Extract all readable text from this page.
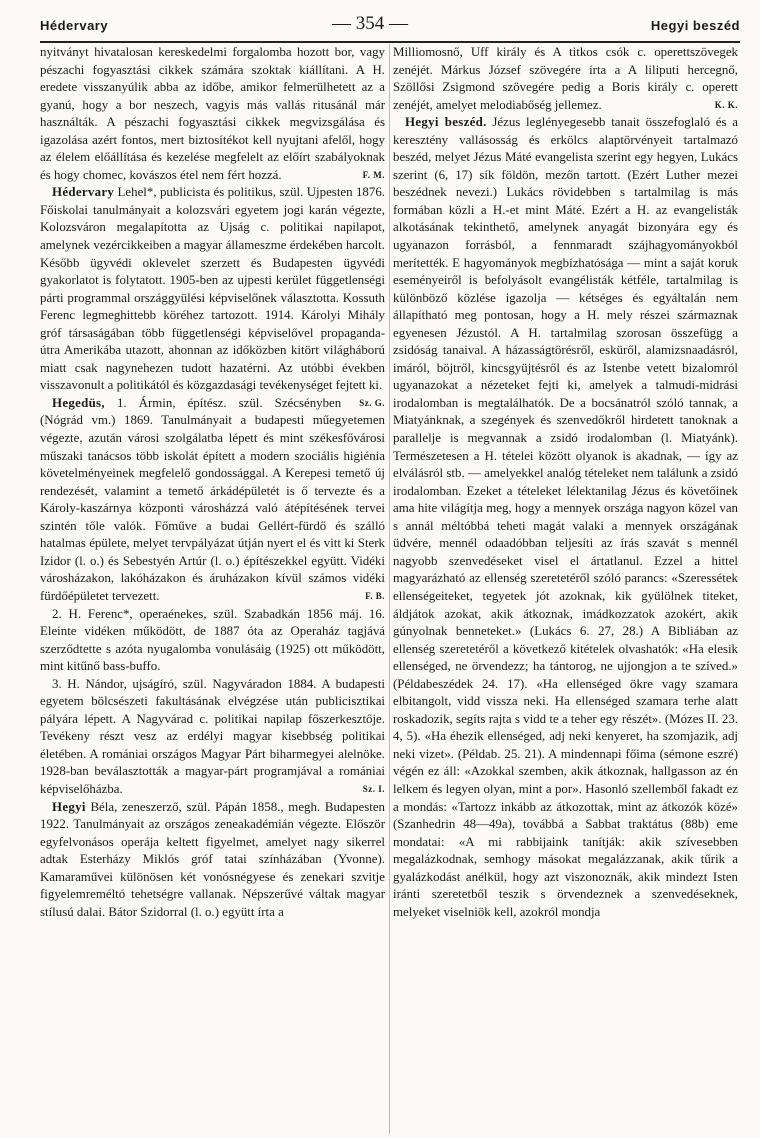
Hédervary	— 354 —	Hegyi beszéd

nyitványt hivatalosan kereskedelmi forgalomba hozott bor, vagy pészachi fogyasztási cikkek számára szoktak kiállítani. A H. eredete visszanyúlik abba az időbe, amikor felmerülhetett az a gyanú, hogy a bor neszech, vagyis más vallás ritusánál már használták. A pészachi fogyasztási cikkek megvizsgálása és igazolása azért fontos, mert biztosítékot kell nyujtani afelől, hogy az élelem előállítása és kezelése megfelelt az előírt szabályoknak és hogy chomec, kovászos étel nem fért hozzá.	F. M.

Hédervary Lehel*, publicista és politikus, szül. Ujpesten 1876. Főiskolai tanulmányait a kolozsvári egyetem jogi karán végezte, Kolozsváron megalapította az Ujság c. politikai napilapot, amelynek vezércikkeiben a magyar állameszme érdekében harcolt. Később ügyvédi oklevelet szerzett és Budapesten ügyvédi gyakorlatot is folytatott. 1905-ben az ujpesti kerület függetlenségi párti programmal országgyülési képviselőnek választotta. Kossuth Ferenc legmeghittebb köréhez tartozott. 1914. Károlyi Mihály gróf társaságában több függetlenségi képviselővel propaganda-útra Amerikába utazott, ahonnan az időközben kitört világháború miatt csak nagynehezen tudott hazatérni. Az utóbbi években visszavonult a politikától és közgazdasági tevékenységet fejtett ki.
Sz. G.

Hegedüs, 1. Ármin, építész. szül. Szécsényben (Nógrád vm.) 1869. Tanulmányait a budapesti műegyetemen végezte, azután városi szolgálatba lépett és mint székesfővárosi műszaki tanácsos több iskolát épített a modern szociális higiénia követelményeinek megfelelő gondossággal. A Kerepesi temető új rendezését, valamint a temető árkádépületét is ő tervezte és a Károly-kaszárnya központi városházzá való átépítésének tervei szintén tőle valók. Főműve a budai Gellért-fürdő és szálló hatalmas épülete, melyet tervpályázat útján nyert el és vitt ki Sterk Izidor (l. o.) és Sebestyén Artúr (l. o.) építészekkel együtt. Vidéki városházakon, lakóházakon és áruházakon kívül számos vidéki fürdőépületet tervezett.	F. B.

2. H. Ferenc*, operaénekes, szül. Szabadkán 1856 máj. 16. Eleinte vidéken működött, de 1887 óta az Operaház tagjává szerződtette s azóta nyugalomba vonulásáig (1925) ott működött, mint kitűnő bass-buffo.

3. H. Nándor, ujságíró, szül. Nagyváradon 1884. A budapesti egyetem bölcsészeti fakultásának elvégzése után publicisztikai pályára lépett. A Nagyvárad c. politikai napilap főszerkesztője. Tevékeny részt vesz az erdélyi magyar kisebbség politikai életében. A romániai országos Magyar Párt biharmegyei alelnöke. 1928-ban beválasztották a magyar-párt programjával a romániai képviselőházba.	Sz. I.

Hegyi Béla, zeneszerző, szül. Pápán 1858., megh. Budapesten 1922. Tanulmányait az országos zeneakadémián végezte. Először egyfelvonásos operája keltett figyelmet, amelyet nagy sikerrel adtak Esterházy Miklós gróf tatai színházában (Yvonne). Kamaraművei különösen két vonósnégyese és zenekari szvitje figyelemreméltó tehetségre vallanak. Népszerűvé váltak magyar stílusú dalai. Bátor Szidorral (l. o.) együtt írta a

Milliomosnő, Uff király és A titkos csók c. operettszövegek zenéjét. Márkus József szövegére írta a A liliputi hercegnő, Szöllősi Zsigmond szövegére pedig a Boris király c. operett zenéjét, amelyet melodiabőség jellemez.	K. K.

Hegyi beszéd. Jézus leglényegesebb tanait összefoglaló és a keresztény vallásosság és erkölcs alaptörvényeit tartalmazó beszéd, melyet Jézus Máté evangelista szerint egy hegyen, Lukács szerint (6, 17) sík földön, mezőn tartott. (Ezért Luther mezei beszédnek nevezi.) Lukács rövidebben s tartalmilag is más formában közli a H.-et mint Máté. Ezért a H. az evangelisták alkotásának tekinthető, amelynek anyagát bizonyára egy és ugyanazon forrásból, a fennmaradt szájhagyományokból merítették. E hagyományok megbízhatósága — mint a saját koruk eseményeiről is befolyásolt evangélisták kétféle, tartalmilag is különböző közlése igazolja — kétséges és egyáltalán nem állapítható meg pontosan, hogy a H. mely részei származnak egyenesen Jézustól. A H. tartalmilag szorosan összefügg a zsidóság tanaival. A házasságtörésről, esküről, alamizsnaadásról, imáról, böjtről, kincsgyüjtésről és az Istenbe vetett bizalomról ugyanazokat a nézeteket fejti ki, amelyek a talmudi-midrási irodalomban is megtalálhatók. De a bocsánatról szóló tannak, a Miatyánknak, a szegények és szenvedőkről hirdetett tanoknak a parallelje is megvannak a zsidó irodalomban (l. Miatyánk). Természetesen a H. tételei között olyanok is akadnak, — így az elválásról stb. — amelyekkel analóg tételeket nem találunk a zsidó irodalomban. Ezeket a tételeket lélektanilag Jézus és követőinek ama hite világítja meg, hogy a mennyek országa nagyon közel van s annál méltóbbá teheti magát valaki a mennyek országának üdvére, mennél odaadóbban teljesíti az írás szavát s mennél nagyobb szenvedéseket visel el ártatlanul. Ezzel a hittel magyarázható az ellenség szeretetéről szóló parancs: «Szeressétek ellenségeiteket, tegyetek jót azoknak, kik gyülölnek titeket, áldjátok azokat, akik átkoznak, imádkozzatok azokért, akik gúnyolnak benneteket.» (Lukács 6. 27, 28.) A Bibliában az ellenség szeretetéről a következő kitételek olvashatók: «Ha elesik ellenséged, ne örvendezz; ha tántorog, ne ujjongjon a te szíved.» (Példabeszédek 24. 17). «Ha ellenséged ökre vagy szamara elbitangolt, vidd vissza neki. Ha ellenséged szamara terhe alatt roskadozik, segíts rajta s vidd te a teher egy részét». (Mózes II. 23. 4, 5). «Ha éhezik ellenséged, adj neki kenyeret, ha szomjazik, adj neki vizet». (Példab. 25. 21). A mindennapi főima (sémone eszré) végén ez áll: «Azokkal szemben, akik átkoznak, hallgasson az én lelkem és legyen olyan, mint a por». Hasonló szellemből fakadt ez a mondás: «Tartozz inkább az átkozottak, mint az átkozók közé» (Szanhedrin 48—49a), továbbá a Sabbat traktátus (88b) eme mondatai: «A mi rabbijaink tanítják: akik szívesebben megalázkodnak, semhogy másokat megalázzanak, akik tűrik a gyalázkodást anélkül, hogy azt viszonoznák, akik mindezt Isten iránti szeretetből teszik s örvendeznek a szenvedéseknek, melyeket viselniök kell, azokról mondja
